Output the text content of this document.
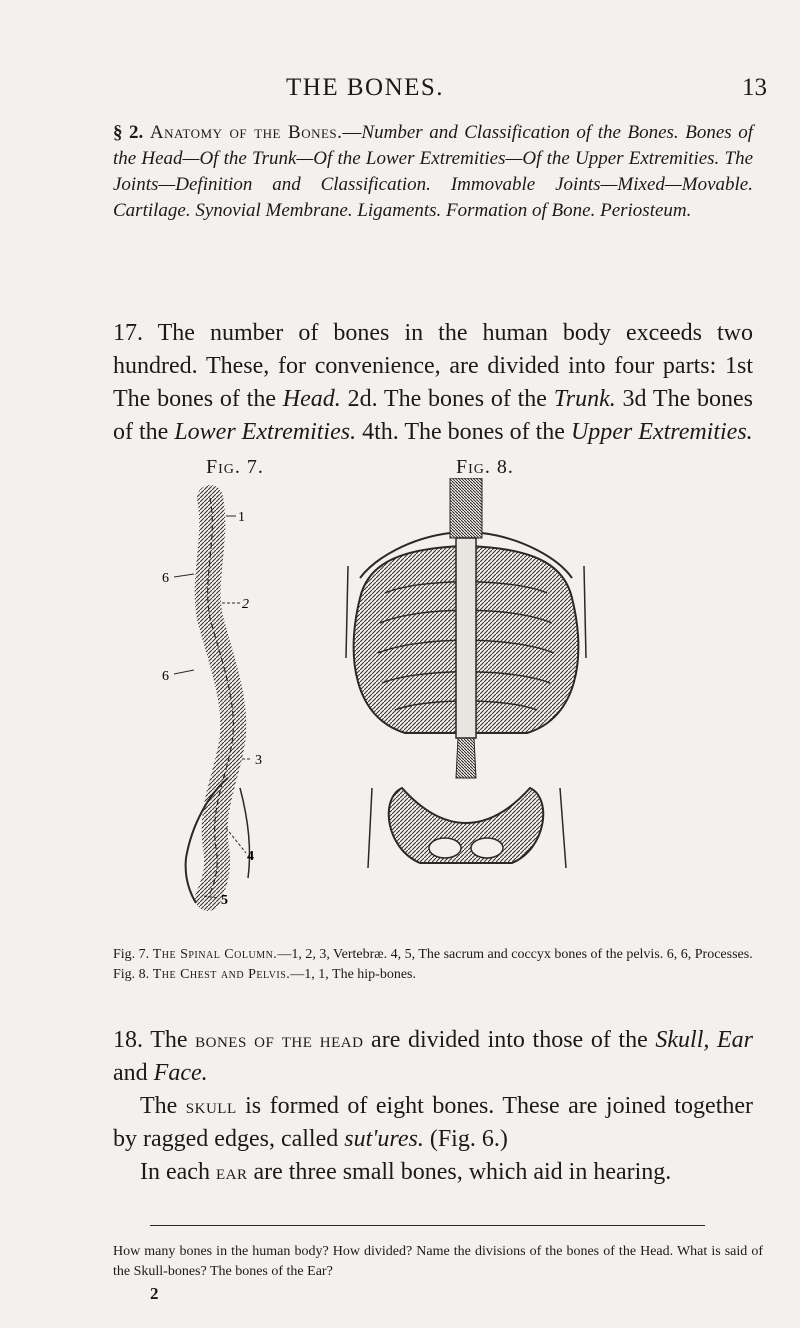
THE BONES.	13

§ 2. Anatomy of the Bones.—Number and Classification of the Bones. Bones of the Head—Of the Trunk—Of the Lower Extremities—Of the Upper Extremities. The Joints—Definition and Classification. Immovable Joints—Mixed—Movable. Cartilage. Synovial Membrane. Ligaments. Formation of Bone. Periosteum.

17. The number of bones in the human body exceeds two hundred. These, for convenience, are divided into four parts: 1st The bones of the Head. 2d. The bones of the Trunk. 3d The bones of the Lower Extremities. 4th. The bones of the Upper Extremities.

Fig. 7.	Fig. 8.
1
2
3
4
5
6
6

Fig. 7. The Spinal Column.—1, 2, 3, Vertebræ. 4, 5, The sacrum and coccyx bones of the pelvis. 6, 6, Processes.

Fig. 8. The Chest and Pelvis.—1, 1, The hip-bones.

18. The bones of the head are divided into those of the Skull, Ear and Face.

The skull is formed of eight bones. These are joined together by ragged edges, called sut'ures. (Fig. 6.)

In each ear are three small bones, which aid in hearing.

How many bones in the human body? How divided? Name the divisions of the bones of the Head. What is said of the Skull-bones? The bones of the Ear?

2
